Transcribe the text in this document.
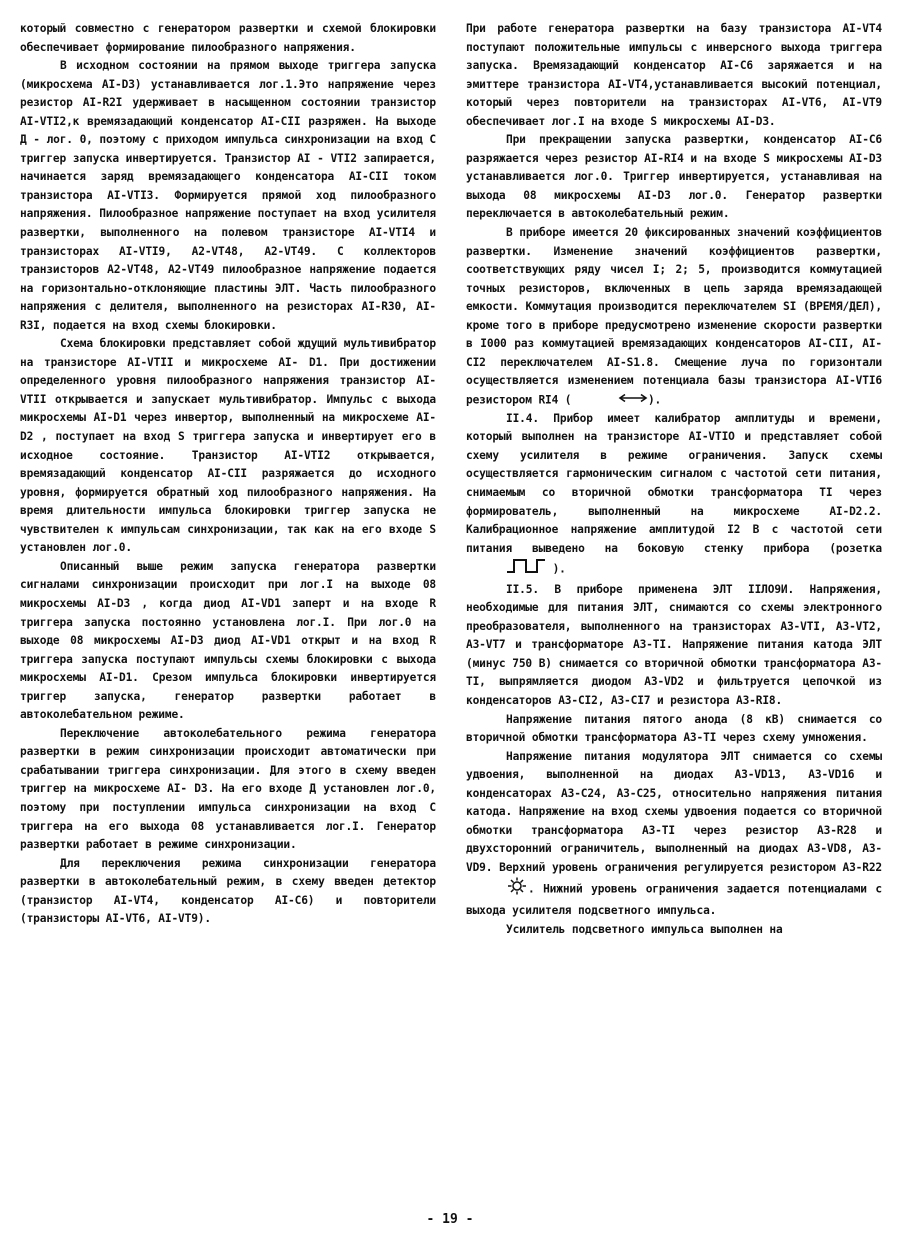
который совместно с генератором развертки и схемой блокировки обеспечивает формирование пилообразного напряжения.

В исходном состоянии на прямом выходе триггера запуска (микросхема AI-D3) устанавливается лог.1.Это напряжение через резистор AI-R2I удерживает в насыщенном состоянии транзистор AI-VTI2,к времязадающий конденсатор AI-CII разряжен. На выходе Д - лог. 0, поэтому с приходом импульса синхронизации на вход С триггер запуска инвертируется. Транзистор AI - VTI2 запирается, начинается заряд времязадающего конденсатора AI-CII током транзистора AI-VTI3. Формируется прямой ход пилообразного напряжения. Пилообразное напряжение поступает на вход усилителя развертки, выполненного на полевом транзисторе AI-VTI4 и транзисторах AI-VTI9, A2-VT48, A2-VT49. С коллекторов транзисторов A2-VT48, A2-VT49 пилообразное напряжение подается на горизонтально-отклоняющие пластины ЭЛТ. Часть пилообразного напряжения с делителя, выполненного на резисторах AI-R30, AI-R3I, подается на вход схемы блокировки.

Схема блокировки представляет собой ждущий мультивибратор на транзисторе AI-VTII и микросхеме AI- D1. При достижении определенного уровня пилообразного напряжения транзистор AI-VTII открывается и запускает мультивибратор. Импульс с выхода микросхемы AI-D1 через инвертор, выполненный на микросхеме AI-D2 , поступает на вход S триггера запуска и инвертирует его в исходное состояние. Транзистор AI-VTI2 открывается, времязадающий конденсатор AI-CII разряжается до исходного уровня, формируется обратный ход пилообразного напряжения. На время длительности импульса блокировки триггер запуска не чувствителен к импульсам синхронизации, так как на его входе S установлен лог.0.

Описанный выше режим запуска генератора развертки сигналами синхронизации происходит при лог.I на выходе 08 микросхемы AI-D3 , когда диод AI-VD1 заперт и на входе R триггера запуска постоянно установлена лог.I. При лог.0 на выходе 08 микросхемы AI-D3 диод AI-VD1 открыт и на вход R триггера запуска поступают импульсы схемы блокировки с выхода микросхемы AI-D1. Срезом импульса блокировки инвертируется триггер запуска, генератор развертки работает в автоколебательном режиме.

Переключение автоколебательного режима генератора развертки в режим синхронизации происходит автоматически при срабатывании триггера синхронизации. Для этого в схему введен триггер на микросхеме AI- D3. На его входе Д установлен лог.0, поэтому при поступлении импульса синхронизации на вход С триггера на его выхода 08 устанавливается лог.I. Генератор развертки работает в режиме синхронизации.

Для переключения режима синхронизации генератора развертки в автоколебательный режим, в схему введен детектор (транзистор AI-VT4, конденсатор AI-C6) и повторители (транзисторы AI-VT6, AI-VT9).

При работе генератора развертки на базу транзистора AI-VT4 поступают положительные импульсы с инверсного выхода триггера запуска. Времязадающий конденсатор AI-C6 заряжается и на эмиттере транзистора AI-VT4,устанавливается высокий потенциал, который через повторители на транзисторах AI-VT6, AI-VT9 обеспечивает лог.I на входе S микросхемы AI-D3.

При прекращении запуска развертки, конденсатор AI-C6 разряжается через резистор AI-RI4 и на входе S микросхемы AI-D3 устанавливается лог.0. Триггер инвертируется, устанавливая на выхода 08 микросхемы AI-D3 лог.0. Генератор развертки переключается в автоколебательный режим.

В приборе имеется 20 фиксированных значений коэффициентов развертки. Изменение значений коэффициентов развертки, соответствующих ряду чисел I; 2; 5, производится коммутацией точных резисторов, включенных в цепь заряда времязадающей емкости. Коммутация производится переключателем SI (ВРЕМЯ/ДЕЛ), кроме того в приборе предусмотрено изменение скорости развертки в I000 раз коммутацией времязадающих конденсаторов AI-CII, AI-CI2 переключателем AI-S1.8. Смещение луча по горизонтали осуществляется изменением потенциала базы транзистора AI-VTI6 резистором RI4 (	).

II.4. Прибор имеет калибратор амплитуды и времени, который выполнен на транзисторе AI-VTIO и представляет собой схему усилителя в режиме ограничения. Запуск схемы осуществляется гармоническим сигналом с частотой сети питания, снимаемым со вторичной обмотки трансформатора TI через формирователь, выполненный на микросхеме AI-D2.2. Калибрационное напряжение амплитудой I2 В с частотой сети питания выведено на боковую стенку прибора (розетка  ).

II.5. В приборе применена ЭЛТ IIЛО9И. Напряжения, необходимые для питания ЭЛТ, снимаются со схемы электронного преобразователя, выполненного на транзисторах A3-VTI, A3-VT2, A3-VT7 и трансформаторе A3-TI. Напряжение питания катода ЭЛТ (минус 750 В) снимается со вторичной обмотки трансформатора A3-TI, выпрямляется диодом A3-VD2 и фильтруется цепочкой из конденсаторов A3-CI2, A3-CI7 и резистора A3-RI8.

Напряжение питания пятого анода (8 кВ) снимается со вторичной обмотки трансформатора A3-TI через схему умножения.

Напряжение питания модулятора ЭЛТ снимается со схемы удвоения, выполненной на диодах A3-VD13, A3-VD16 и конденсаторах A3-C24, A3-C25, относительно напряжения питания катода. Напряжение на вход схемы удвоения подается со вторичной обмотки трансформатора A3-TI через резистор A3-R28 и двухсторонний ограничитель, выполненный на диодах A3-VD8, A3-VD9. Верхний уровень ограничения регулируется резистором A3-R22 . Нижний уровень ограничения задается потенциалами с выхода усилителя подсветного импульса.

Усилитель подсветного импульса выполнен на

- 19 -
